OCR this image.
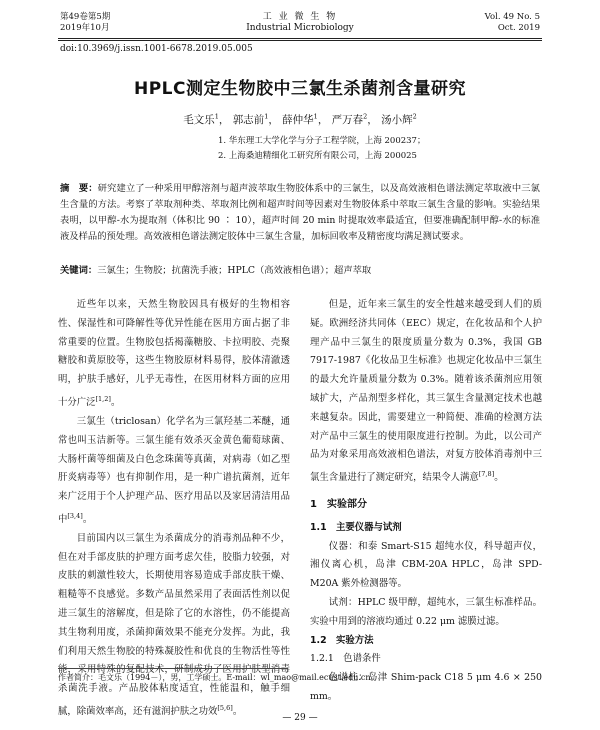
第49卷第5期
2019年10月
工 业 微 生 物
Industrial Microbiology
Vol. 49 No. 5
Oct. 2019
doi:10.3969/j.issn.1001-6678.2019.05.005
HPLC测定生物胶中三氯生杀菌剂含量研究
毛文乐$^1$， 郭志前$^1$， 薛仲华$^1$， 严万春$^2$， 汤小辉$^2$
1. 华东理工大学化学与分子工程学院，上海 200237；
2. 上海桑迪精细化工研究所有限公司，上海 200025
摘　要：研究建立了一种采用甲醇溶剂与超声波萃取生物胶体系中的三氯生，以及高效液相色谱法测定萃取液中三氯生含量的方法。考察了萃取剂种类、萃取剂比例和超声时间等因素对生物胶体系中萃取三氯生含量的影响。实验结果表明，以甲醇-水为提取剂（体积比 90 ∶ 10），超声时间 20 min 时提取效率最适宜，但要准确配制甲醇-水的标准液及样品的预处理。高效液相色谱法测定胶体中三氯生含量，加标回收率及精密度均满足测试要求。
关键词：三氯生；生物胶；抗菌洗手液；HPLC（高效液相色谱）；超声萃取

近些年以来，天然生物胶因具有极好的生物相容性、保湿性和可降解性等优异性能在医用方面占据了非常重要的位置。生物胶包括褐藻糖胶、卡拉明胶、壳聚糖胶和黄原胶等，这些生物胶原材料易得，胶体清澈透明，护肤手感好，儿乎无毒性，在医用材料方面的应用十分广泛[1,2]。

三氯生（triclosan）化学名为三氯羟基二苯醚，通常也叫玉洁新等。三氯生能有效杀灭金黄色葡萄球菌、大肠杆菌等细菌及白色念珠菌等真菌，对病毒（如乙型肝炎病毒等）也有抑制作用，是一种广谱抗菌剂，近年来广泛用于个人护理产品、医疗用品以及家居清洁用品中[3,4]。

目前国内以三氯生为杀菌成分的消毒剂品种不少，但在对手部皮肤的护理方面考虑欠佳，胶脂力较强，对皮肤的刺激性较大，长期使用容易造成手部皮肤干燥、粗糙等不良感觉。多数产品虽然采用了表面活性剂以促进三氯生的溶解度，但是除了它的水溶性，仍不能提高其生物利用度，杀菌抑菌效果不能充分发挥。为此，我们利用天然生物胶的特殊凝胶性和优良的生物活性等性能，采用特殊的复配技术，研制成功了医用护肤型消毒杀菌洗手液。产品胶体粘度适宜，性能温和，触手细腻，除菌效率高，还有滋润护肤之功效[5,6]。

但是，近年来三氯生的安全性越来越受到人们的质疑。欧洲经济共同体（EEC）规定，在化妆品和个人护理产品中三氯生的限度质量分数为 0.3%，我国 GB 7917-1987《化妆品卫生标准》也规定化妆品中三氯生的最大允许量质量分数为 0.3%。随着该杀菌剂应用领域扩大，产品剂型多样化，其三氯生含量测定技术也越来越复杂。因此，需要建立一种简便、准确的检测方法对产品中三氯生的使用限度进行控制。为此，以公司产品为对象采用高效液相色谱法，对复方胶体消毒剂中三氯生含量进行了测定研究，结果令人满意[7,8]。

1　实验部分
1.1　主要仪器与试剂

仪器：和泰 Smart-S15 超纯水仪，科导超声仪，湘仪离心机，岛津 CBM-20A HPLC，岛津 SPD-M20A 紫外检测器等。

试剂：HPLC 级甲醇，超纯水，三氯生标准样品。实验中用到的溶液均通过 0.22 μm 滤膜过滤。

1.2　实验方法
1.2.1　色谱条件

色谱柱：岛津 Shim-pack C18 5 μm 4.6 × 250 mm。

作者简介：毛文乐（1994－），男，工学硕士。E-mail：wl_mao@mail.ecust.edu.cn。
— 29 —
